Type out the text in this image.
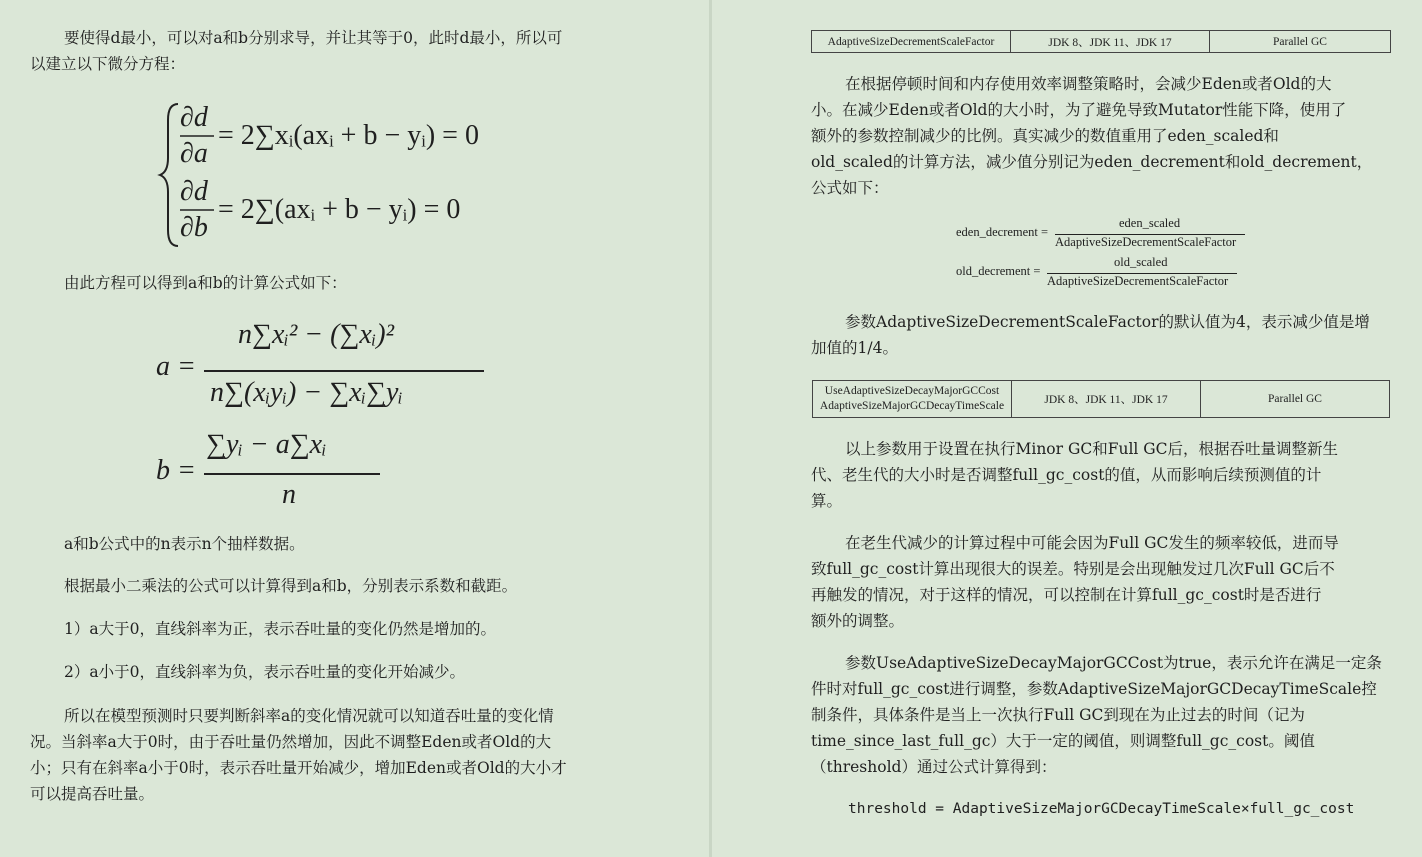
要使得d最小，可以对a和b分别求导，并让其等于0，此时d最小，所以可

以建立以下微分方程：

∂d
∂a
= 2∑xᵢ(axᵢ + b − yᵢ) = 0
∂d
∂b
= 2∑(axᵢ + b − yᵢ) = 0

由此方程可以得到a和b的计算公式如下：

a =
n∑xᵢ² − (∑xᵢ)²
n∑(xᵢyᵢ) − ∑xᵢ∑yᵢ
b =
∑yᵢ − a∑xᵢ
n

a和b公式中的n表示n个抽样数据。

根据最小二乘法的公式可以计算得到a和b，分别表示系数和截距。

1）a大于0，直线斜率为正，表示吞吐量的变化仍然是增加的。

2）a小于0，直线斜率为负，表示吞吐量的变化开始减少。

所以在模型预测时只要判断斜率a的变化情况就可以知道吞吐量的变化情

况。当斜率a大于0时，由于吞吐量仍然增加，因此不调整Eden或者Old的大

小；只有在斜率a小于0时，表示吞吐量开始减少，增加Eden或者Old的大小才

可以提高吞吐量。

AdaptiveSizeDecrementScaleFactor	JDK 8、JDK 11、JDK 17	Parallel GC

在根据停顿时间和内存使用效率调整策略时，会减少Eden或者Old的大

小。在减少Eden或者Old的大小时，为了避免导致Mutator性能下降，使用了

额外的参数控制减少的比例。真实减少的数值重用了eden_scaled和

old_scaled的计算方法，减少值分别记为eden_decrement和old_decrement，

公式如下：

eden_decrement =
eden_scaled
AdaptiveSizeDecrementScaleFactor
old_decrement =
old_scaled
AdaptiveSizeDecrementScaleFactor

参数AdaptiveSizeDecrementScaleFactor的默认值为4，表示减少值是增

加值的1/4。

UseAdaptiveSizeDecayMajorGCCost
AdaptiveSizeMajorGCDecayTimeScale	JDK 8、JDK 11、JDK 17	Parallel GC

以上参数用于设置在执行Minor GC和Full GC后，根据吞吐量调整新生

代、老生代的大小时是否调整full_gc_cost的值，从而影响后续预测值的计

算。

在老生代减少的计算过程中可能会因为Full GC发生的频率较低，进而导

致full_gc_cost计算出现很大的误差。特别是会出现触发过几次Full GC后不

再触发的情况，对于这样的情况，可以控制在计算full_gc_cost时是否进行

额外的调整。

参数UseAdaptiveSizeDecayMajorGCCost为true，表示允许在满足一定条

件时对full_gc_cost进行调整，参数AdaptiveSizeMajorGCDecayTimeScale控

制条件，具体条件是当上一次执行Full GC到现在为止过去的时间（记为

time_since_last_full_gc）大于一定的阈值，则调整full_gc_cost。阈值

（threshold）通过公式计算得到：

threshold = AdaptiveSizeMajorGCDecayTimeScale×full_gc_cost
